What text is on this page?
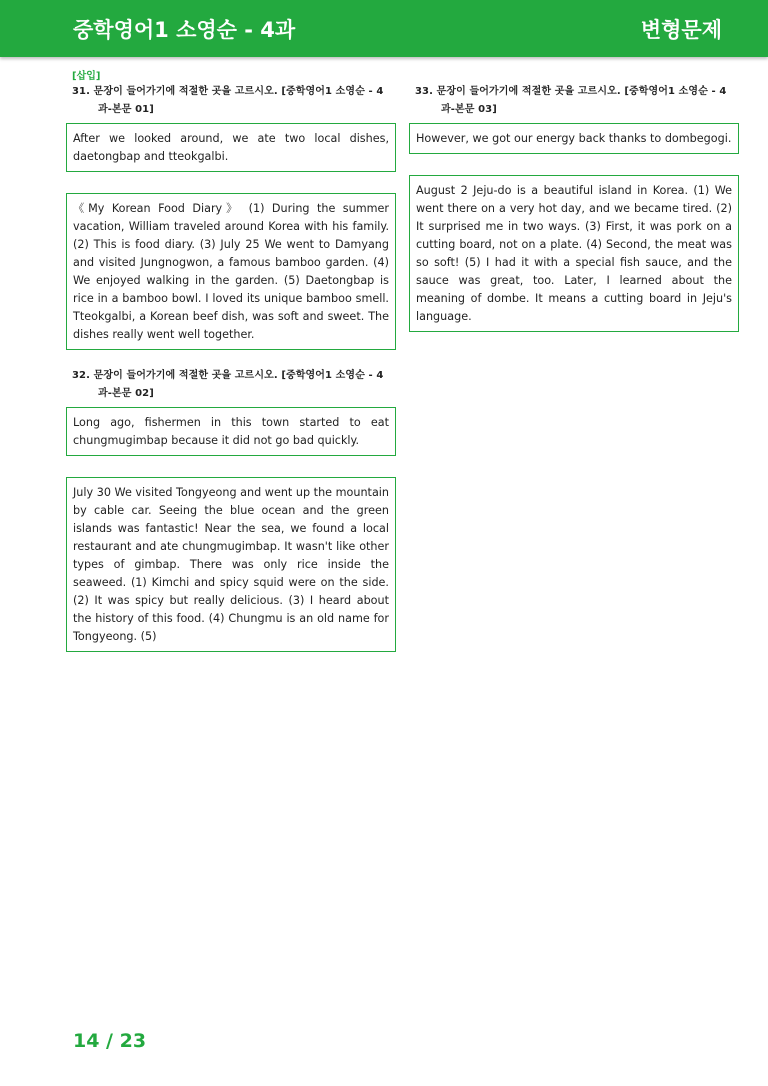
중학영어1 소영순 - 4과	변형문제
[삽입]
31. 문장이 들어가기에 적절한 곳을 고르시오. [중학영어1 소영순 - 4과-본문 01]
After we looked around, we ate two local dishes, daetongbap and tteokgalbi.
《My Korean Food Diary》 (1) During the summer vacation, William traveled around Korea with his family. (2) This is food diary. (3) July 25 We went to Damyang and visited Jungnogwon, a famous bamboo garden. (4) We enjoyed walking in the garden. (5) Daetongbap is rice in a bamboo bowl. I loved its unique bamboo smell. Tteokgalbi, a Korean beef dish, was soft and sweet. The dishes really went well together.
32. 문장이 들어가기에 적절한 곳을 고르시오. [중학영어1 소영순 - 4과-본문 02]
Long ago, fishermen in this town started to eat chungmugimbap because it did not go bad quickly.
July 30 We visited Tongyeong and went up the mountain by cable car. Seeing the blue ocean and the green islands was fantastic! Near the sea, we found a local restaurant and ate chungmugimbap. It wasn't like other types of gimbap. There was only rice inside the seaweed. (1) Kimchi and spicy squid were on the side. (2) It was spicy but really delicious. (3) I heard about the history of this food. (4) Chungmu is an old name for Tongyeong. (5)
33. 문장이 들어가기에 적절한 곳을 고르시오. [중학영어1 소영순 - 4과-본문 03]
However, we got our energy back thanks to dombegogi.
August 2 Jeju-do is a beautiful island in Korea. (1) We went there on a very hot day, and we became tired. (2) It surprised me in two ways. (3) First, it was pork on a cutting board, not on a plate. (4) Second, the meat was so soft! (5) I had it with a special fish sauce, and the sauce was great, too. Later, I learned about the meaning of dombe. It means a cutting board in Jeju's language.
14 / 23
